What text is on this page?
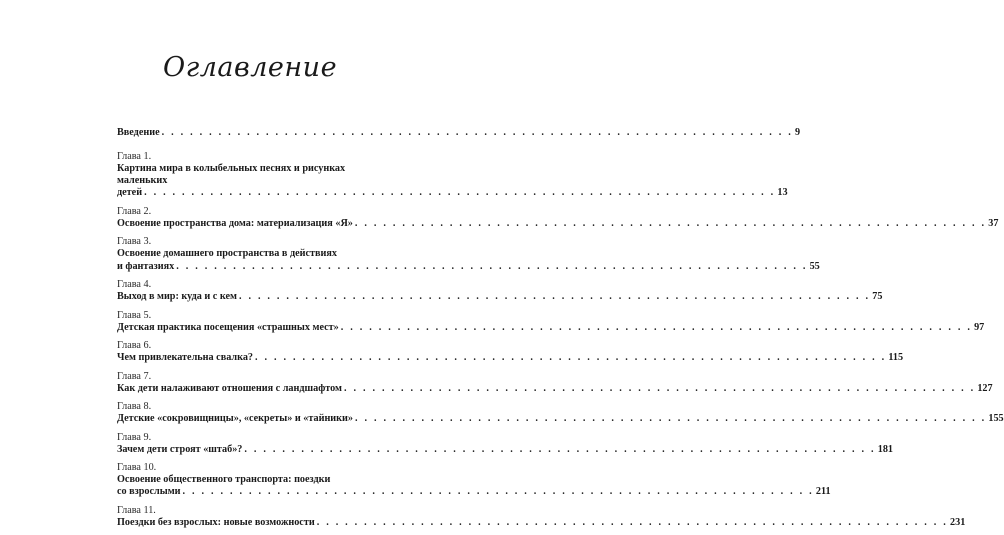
Оглавление
Введение . . . . . . . . . . . . . . . . . . . . . . . . . . . . . . . . . . . . . . . . . . . . . . . . . . . . . . . . . . . . . . . . . . . 9
Глава 1.
Картина мира в колыбельных песнях и рисунках маленьких
детей . . . . . . . . . . . . . . . . . . . . . . . . . . . . . . . . . . . . . . . . . . . . . . . . . . . . . . . . . . . . . . . . . . . 13
Глава 2.
Освоение пространства дома: материализация «Я» . . . . . . . . . . . . . . . . . . . . . . . . . . . . . . . . . . . . . . . . . . . . . . . . . . . . . . . . . . . . . . . . . . . 37
Глава 3.
Освоение домашнего пространства в действиях
и фантазиях . . . . . . . . . . . . . . . . . . . . . . . . . . . . . . . . . . . . . . . . . . . . . . . . . . . . . . . . . . . . . . . . . . . 55
Глава 4.
Выход в мир: куда и с кем . . . . . . . . . . . . . . . . . . . . . . . . . . . . . . . . . . . . . . . . . . . . . . . . . . . . . . . . . . . . . . . . . . . 75
Глава 5.
Детская практика посещения «страшных мест» . . . . . . . . . . . . . . . . . . . . . . . . . . . . . . . . . . . . . . . . . . . . . . . . . . . . . . . . . . . . . . . . . . . 97
Глава 6.
Чем привлекательна свалка? . . . . . . . . . . . . . . . . . . . . . . . . . . . . . . . . . . . . . . . . . . . . . . . . . . . . . . . . . . . . . . . . . . . 115
Глава 7.
Как дети налаживают отношения с ландшафтом . . . . . . . . . . . . . . . . . . . . . . . . . . . . . . . . . . . . . . . . . . . . . . . . . . . . . . . . . . . . . . . . . . . 127
Глава 8.
Детские «сокровищницы», «секреты» и «тайники» . . . . . . . . . . . . . . . . . . . . . . . . . . . . . . . . . . . . . . . . . . . . . . . . . . . . . . . . . . . . . . . . . . . 155
Глава 9.
Зачем дети строят «штаб»? . . . . . . . . . . . . . . . . . . . . . . . . . . . . . . . . . . . . . . . . . . . . . . . . . . . . . . . . . . . . . . . . . . . 181
Глава 10.
Освоение общественного транспорта: поездки
со взрослыми . . . . . . . . . . . . . . . . . . . . . . . . . . . . . . . . . . . . . . . . . . . . . . . . . . . . . . . . . . . . . . . . . . . 211
Глава 11.
Поездки без взрослых: новые возможности . . . . . . . . . . . . . . . . . . . . . . . . . . . . . . . . . . . . . . . . . . . . . . . . . . . . . . . . . . . . . . . . . . . 231
